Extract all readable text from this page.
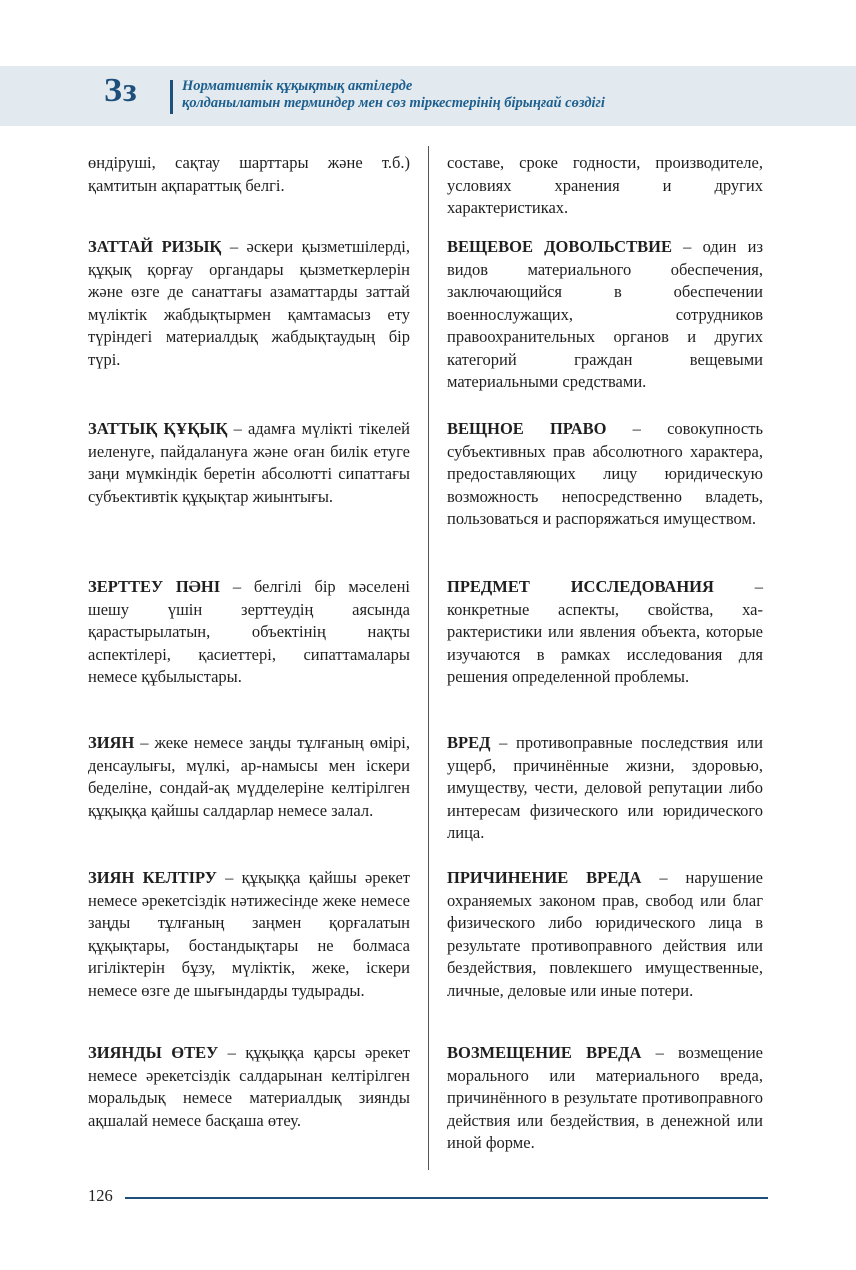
Зз	Нормативтік құқықтық актілерде
қолданылатын терминдер мен сөз тіркестерінің бірыңғай сөздігі

өндіруші, сақтау шарттары және т.б.) қамтитын ақпараттық белгі.

составе, сроке годности, производителе, условиях хранения и других характеристиках.

ЗАТТАЙ РИЗЫҚ – әскери қызметшілерді, құқық қорғау органдары қызметкерлерін және өзге де санаттағы азаматтарды заттай мүліктік жабдықтырмен қамтамасыз ету түріндегі материалдық жабдықтаудың бір түрі.

ВЕЩЕВОЕ ДОВОЛЬСТВИЕ – один из видов материального обеспечения, заключающийся в обеспечении военнослужащих, сотрудников правоохранительных органов и других категорий граждан вещевыми материальными средствами.

ЗАТТЫҚ ҚҰҚЫҚ – адамға мүлікті тікелей иеленуге, пайдалануға және оған билік етуге заңи мүмкіндік беретін абсолютті сипаттағы субъективтік құқықтар жиынтығы.

ВЕЩНОЕ ПРАВО – совокупность субъективных прав абсолютного характера, предоставляющих лицу юридическую возможность непосредственно владеть, пользоваться и распоряжаться имуществом.

ЗЕРТТЕУ ПӘНІ – белгілі бір мәселені шешу үшін зерттеудің аясында қарастырылатын, объектінің нақты аспектілері, қасиеттері, сипаттамалары немесе құбылыстары.

ПРЕДМЕТ ИССЛЕДОВАНИЯ – конкретные аспекты, свойства, характеристики или явления объекта, которые изучаются в рамках исследования для решения определенной проблемы.

ЗИЯН – жеке немесе заңды тұлғаның өмірі, денсаулығы, мүлкі, ар-намысы мен іскери беделіне, сондай-ақ мүдделеріне келтірілген құқыққа қайшы салдарлар немесе залал.

ВРЕД – противоправные последствия или ущерб, причинённые жизни, здоровью, имуществу, чести, деловой репутации либо интересам физического или юридического лица.

ЗИЯН КЕЛТІРУ – құқыққа қайшы әрекет немесе әрекетсіздік нәтижесінде жеке немесе заңды тұлғаның заңмен қорғалатын құқықтары, бостандықтары не болмаса игіліктерін бұзу, мүліктік, жеке, іскери немесе өзге де шығындарды тудырады.

ПРИЧИНЕНИЕ ВРЕДА – нарушение охраняемых законом прав, свобод или благ физического либо юридического лица в результате противоправного действия или бездействия, повлекшего имущественные, личные, деловые или иные потери.

ЗИЯНДЫ ӨТЕУ – құқыққа қарсы әрекет немесе әрекетсіздік салдарынан келтірілген моральдық немесе материалдық зиянды ақшалай немесе басқаша өтеу.

ВОЗМЕЩЕНИЕ ВРЕДА – возмещение морального или материального вреда, причинённого в результате противоправного действия или бездействия, в денежной или иной форме.

126
